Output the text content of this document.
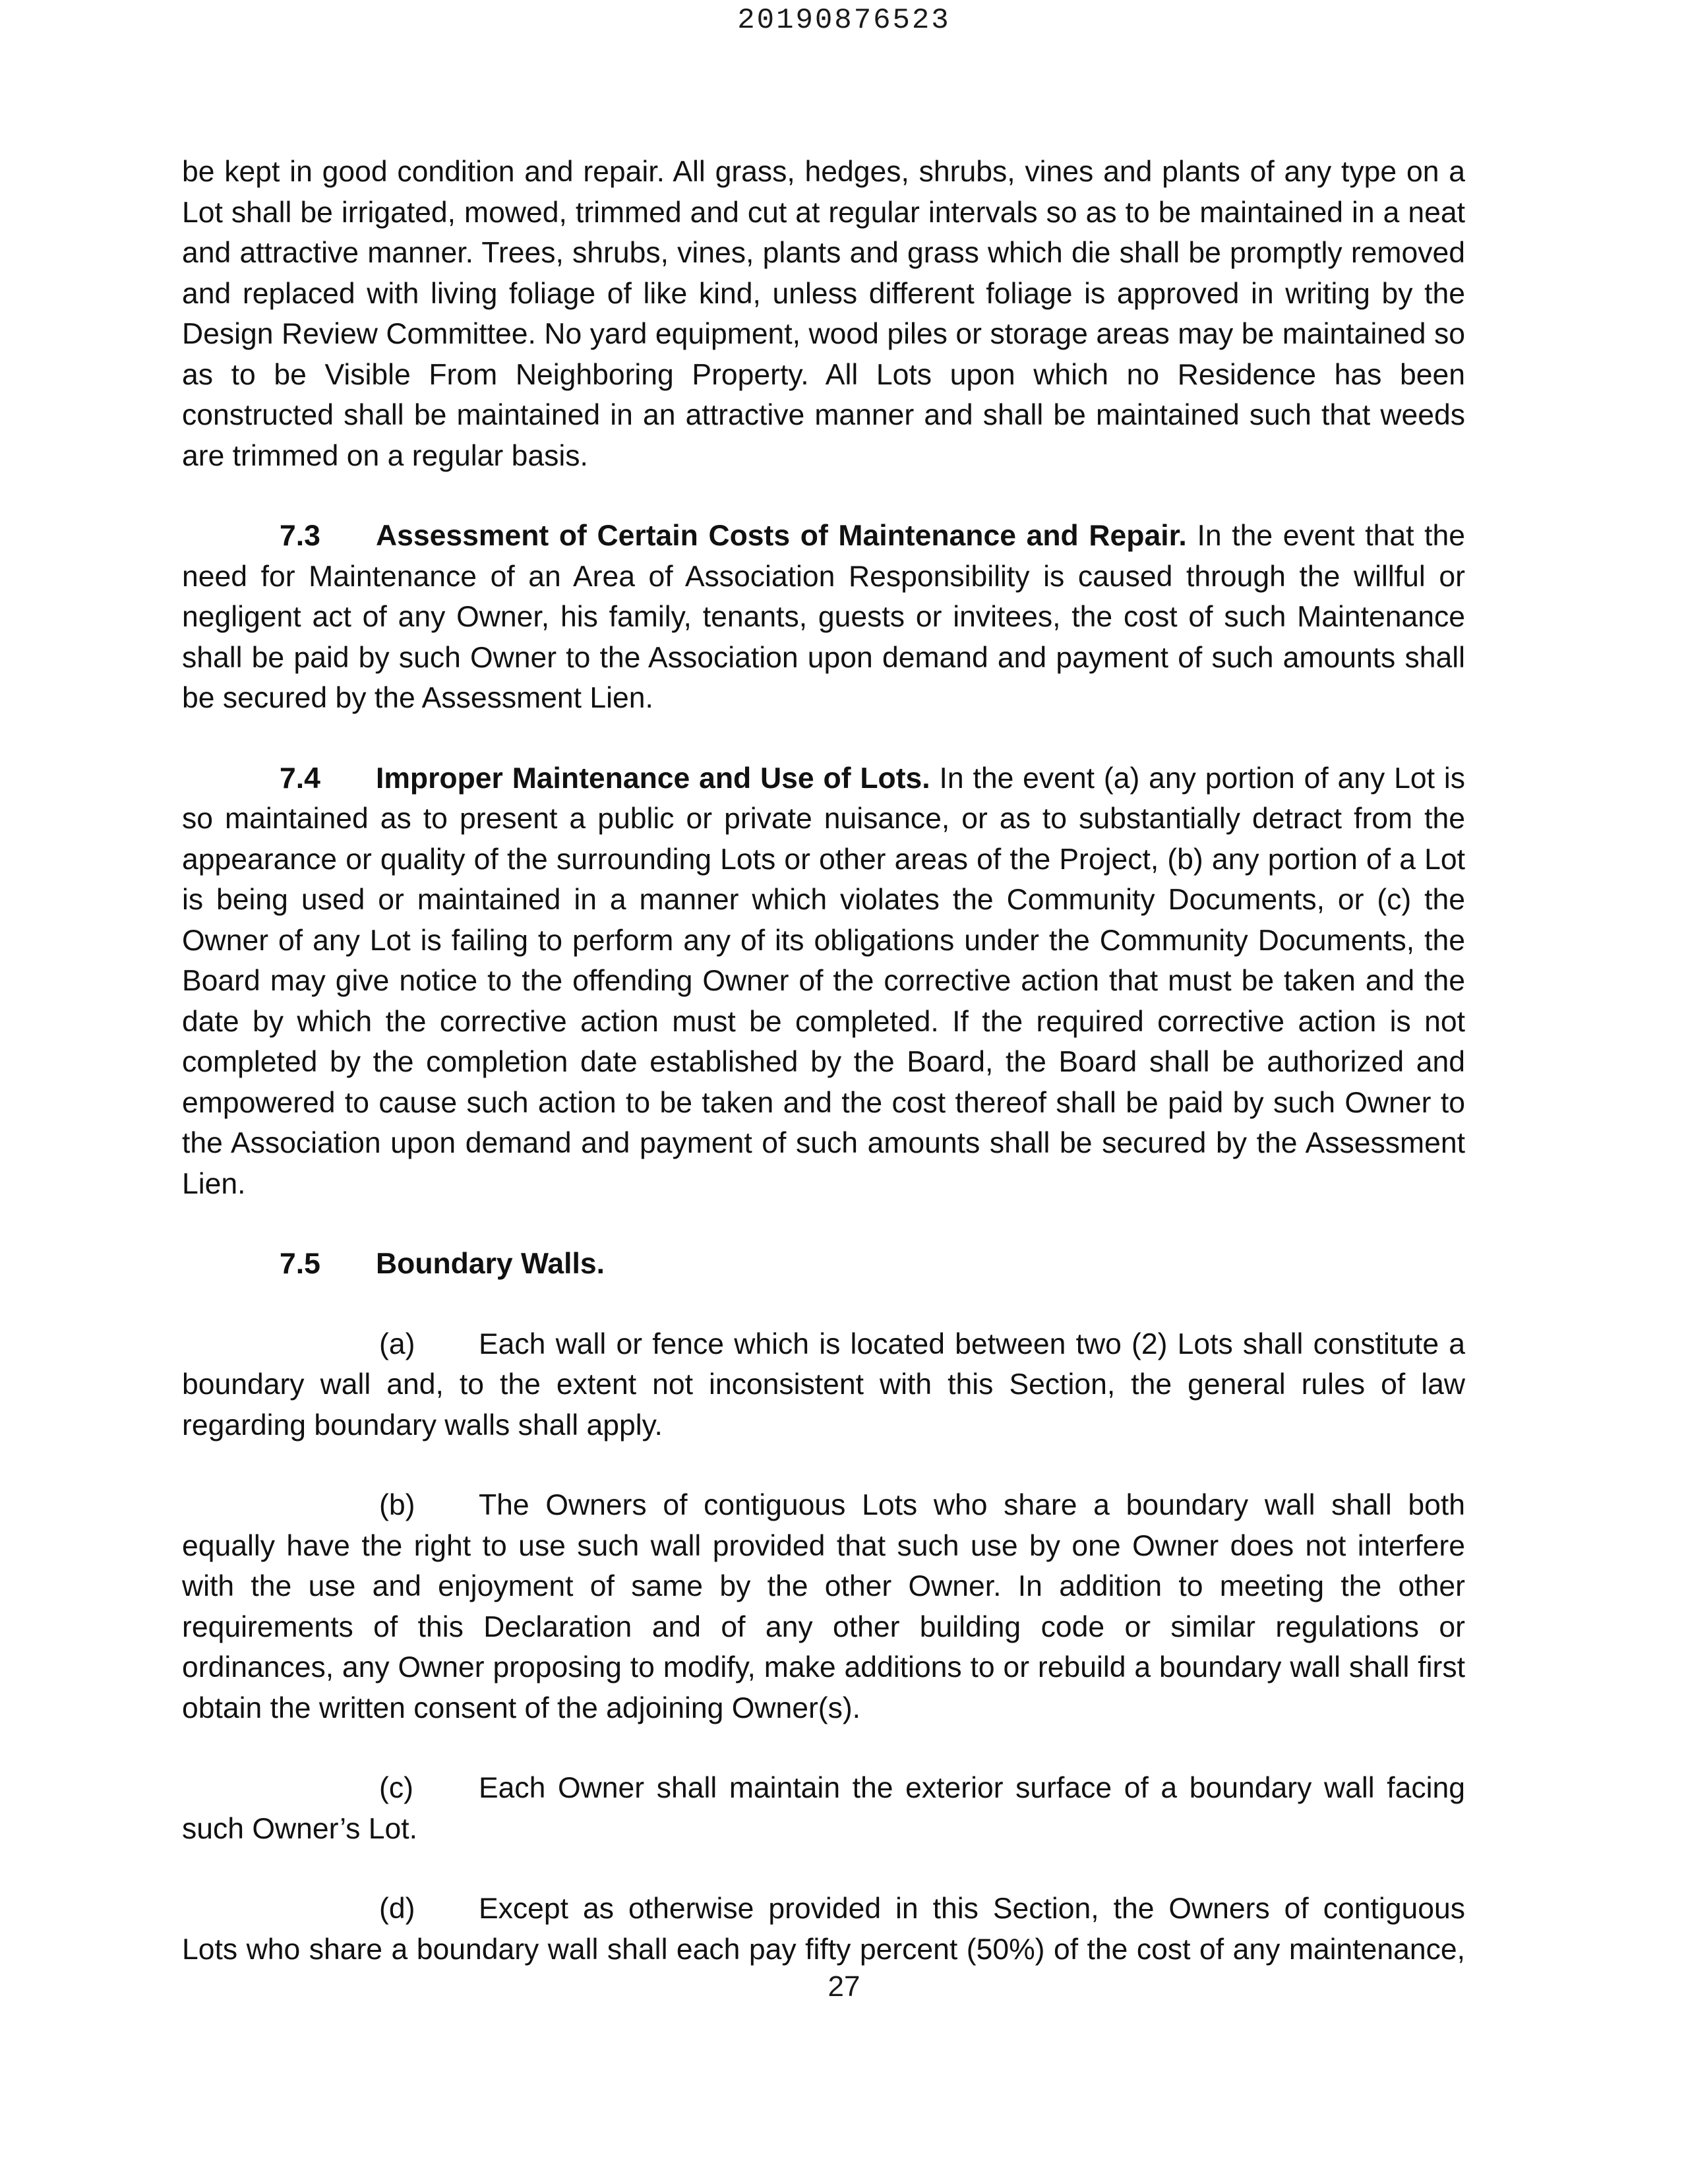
20190876523

be kept in good condition and repair. All grass, hedges, shrubs, vines and plants of any type on a Lot shall be irrigated, mowed, trimmed and cut at regular intervals so as to be maintained in a neat and attractive manner. Trees, shrubs, vines, plants and grass which die shall be promptly removed and replaced with living foliage of like kind, unless different foliage is approved in writing by the Design Review Committee. No yard equipment, wood piles or storage areas may be maintained so as to be Visible From Neighboring Property. All Lots upon which no Residence has been constructed shall be maintained in an attractive manner and shall be maintained such that weeds are trimmed on a regular basis.

7.3 Assessment of Certain Costs of Maintenance and Repair. In the event that the need for Maintenance of an Area of Association Responsibility is caused through the willful or negligent act of any Owner, his family, tenants, guests or invitees, the cost of such Maintenance shall be paid by such Owner to the Association upon demand and payment of such amounts shall be secured by the Assessment Lien.

7.4 Improper Maintenance and Use of Lots. In the event (a) any portion of any Lot is so maintained as to present a public or private nuisance, or as to substantially detract from the appearance or quality of the surrounding Lots or other areas of the Project, (b) any portion of a Lot is being used or maintained in a manner which violates the Community Documents, or (c) the Owner of any Lot is failing to perform any of its obligations under the Community Documents, the Board may give notice to the offending Owner of the corrective action that must be taken and the date by which the corrective action must be completed. If the required corrective action is not completed by the completion date established by the Board, the Board shall be authorized and empowered to cause such action to be taken and the cost thereof shall be paid by such Owner to the Association upon demand and payment of such amounts shall be secured by the Assessment Lien.

7.5 Boundary Walls.

(a) Each wall or fence which is located between two (2) Lots shall constitute a boundary wall and, to the extent not inconsistent with this Section, the general rules of law regarding boundary walls shall apply.

(b) The Owners of contiguous Lots who share a boundary wall shall both equally have the right to use such wall provided that such use by one Owner does not interfere with the use and enjoyment of same by the other Owner. In addition to meeting the other requirements of this Declaration and of any other building code or similar regulations or ordinances, any Owner proposing to modify, make additions to or rebuild a boundary wall shall first obtain the written consent of the adjoining Owner(s).

(c) Each Owner shall maintain the exterior surface of a boundary wall facing such Owner’s Lot.

(d) Except as otherwise provided in this Section, the Owners of contiguous Lots who share a boundary wall shall each pay fifty percent (50%) of the cost of any maintenance,

27
